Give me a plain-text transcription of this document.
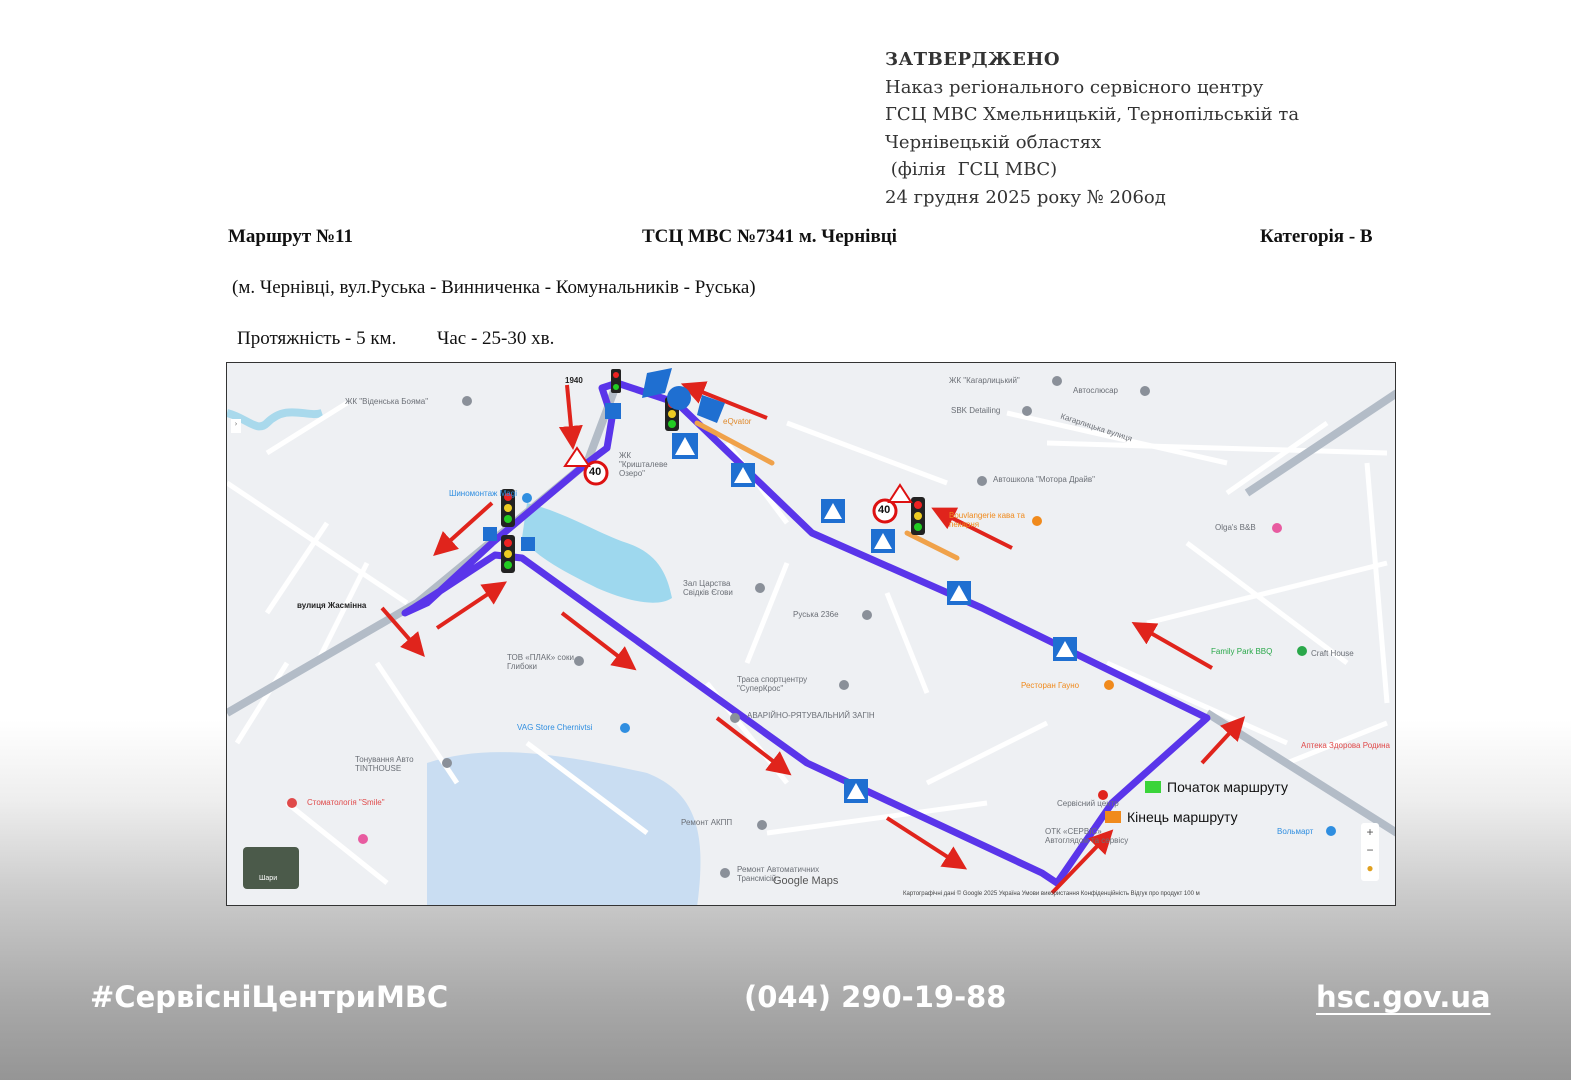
ЗАТВЕРДЖЕНО
Наказ регіонального сервісного центру
ГСЦ МВС Хмельницькій, Тернопільській та
Чернівецькій областях
(філія  ГСЦ МВС)
24 грудня 2025 року № 206од
Маршрут №11	ТСЦ МВС №7341 м. Чернівці	Категорія - В
(м. Чернівці, вул.Руська - Винниченка - Комунальників - Руська)
Протяжність - 5 км. Час - 25-30 хв.
ЖК "Віденська Бояма"
ЖК "Кагарлицький"
Автослюсар
SBK Detailing
Кагарлицька вулиця
Автошкола "Мотора Драйв"
Olga's B&B
eQvator
ЖК "Кришталеве Озеро"
Зал Царства Свідків Єгови
Руська 236е
Траса спортцентру "СуперКрос"
АВАРІЙНО-РЯТУВАЛЬНИЙ ЗАГІН
VAG Store Chernivtsi
Тонування Авто TINTHOUSE
Стоматологія "Smile"
ТОВ «ПЛАК» соки Глибоки
Ремонт АКПП
Ремонт Автоматичних Трансмісій
Family Park BBQ	Craft House
Ресторан Гауно
Аптека Здорова Родина
Сервісний центр
ОТК «СЕРВІС» Автоглядом та сервісу
Вольмарт
вулиця Жасмінна
Шиномонтаж Magi
1940
Bouvlangerie кава та пекарня
40
40
Початок маршруту
Кінець маршруту
Google Maps
Шари
Картографічні дані © Google 2025 Україна Умови використання Конфіденційність Відгук про продукт 100 м
+
−
●
›
#СервісніЦентриМВС	(044) 290-19-88	hsc.gov.ua
